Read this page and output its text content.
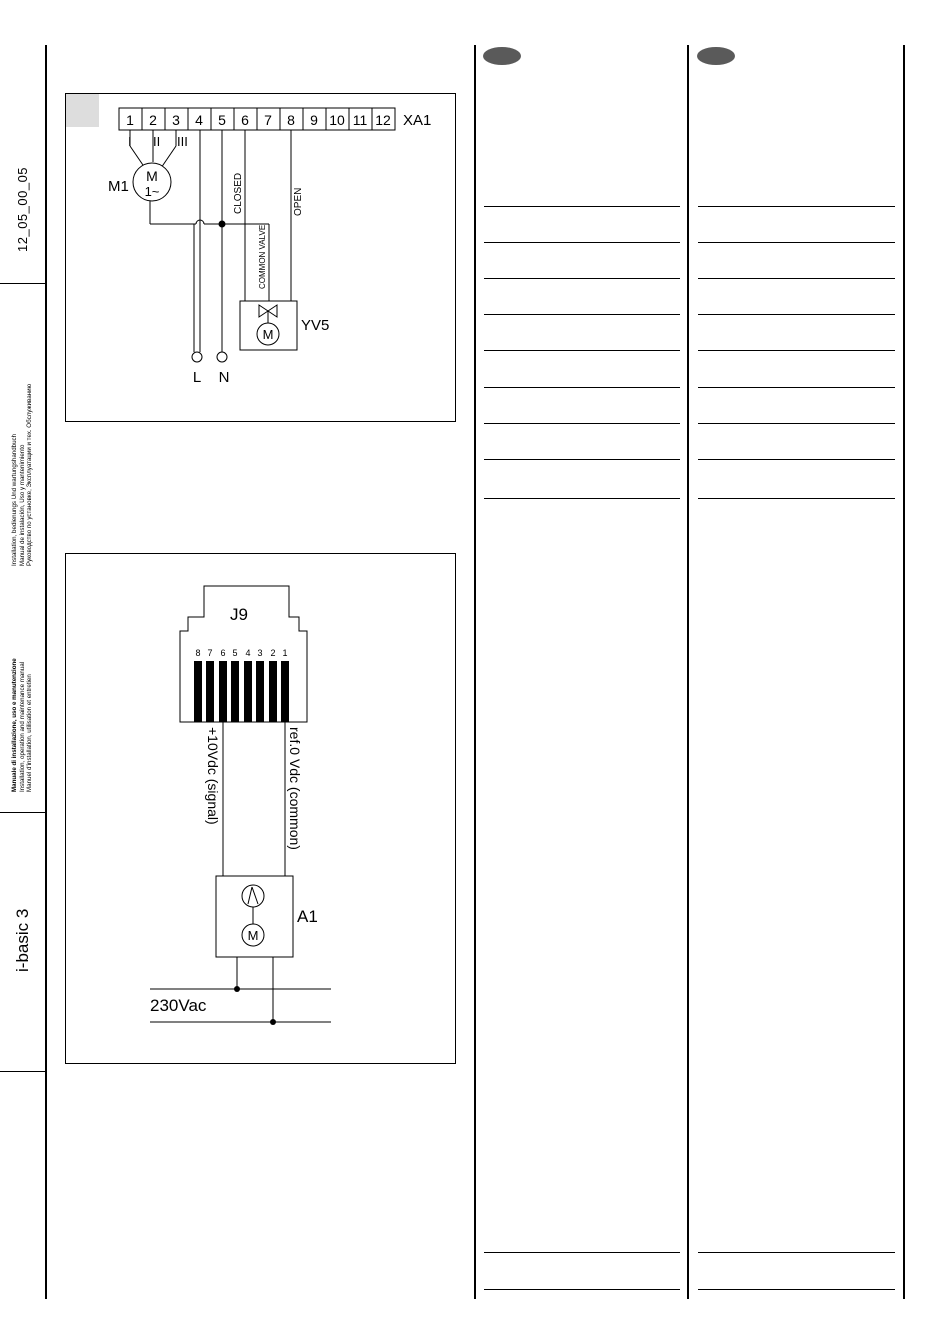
12_05_00_05
Installation, bedienungs Und wartungshandbuch Manual de instalación, Uso y mantenimiento Руководство по установке, Эксплуатации и тех. Обслуживанию
Manuale di installazione, uso e manutenzione Installation, operation and maintenance manual Manuel d'installation, utilisation et entretien
i-basic 3
1 2 3 4 5 6 7 8 9 10 11 12 XA1
M
1~
M1
I II III
CLOSED	OPEN
COMMON VALVE
M
YV5
L N
J9
8 7 6 5 4 3 2 1
+10Vdc (signal)	ref.0 Vdc (common)
M
A1
230Vac
